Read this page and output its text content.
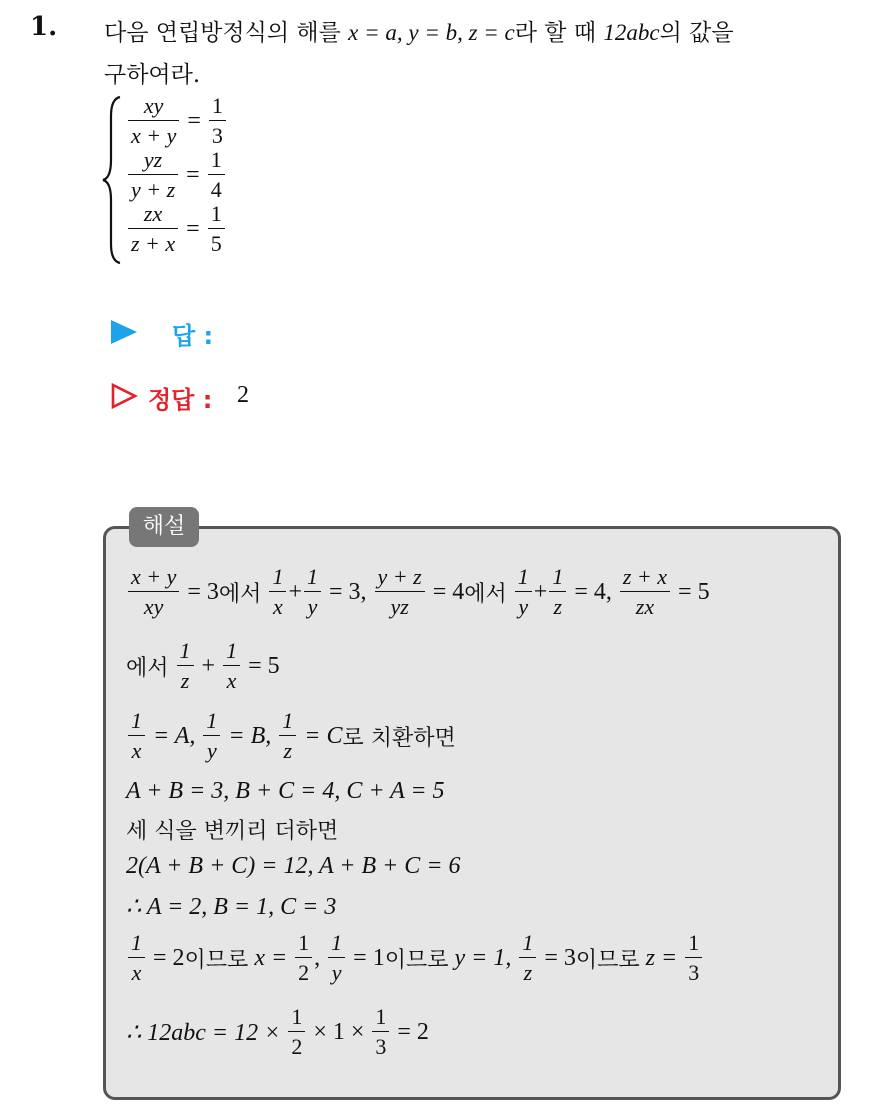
1. 다음 연립방정식의 해를 x = a, y = b, z = c라 할 때 12abc의 값을
구하여라.
$\frac{xy}{x + y} = \frac{1}{3}$
$\frac{yz}{y + z} = \frac{1}{4}$
$\frac{zx}{z + x} = \frac{1}{5}$
답 :
정답 : 2
해설
$\frac{x + y}{xy} = 3$ 에서 $\frac{1}{x} + \frac{1}{y} = 3$, $\frac{y + z}{yz} = 4$ 에서 $\frac{1}{y} + \frac{1}{z} = 4$, $\frac{z + x}{zx} = 5$
에서 $\frac{1}{z} + \frac{1}{x} = 5$
$\frac{1}{x} = A$, $\frac{1}{y} = B$, $\frac{1}{z} = C$ 로 치환하면
A + B = 3, B + C = 4, C + A = 5
세 식을 변끼리 더하면
2(A + B + C) = 12, A + B + C = 6
∴ A = 2, B = 1, C = 3
$\frac{1}{x} = 2$ 이므로 $x = \frac{1}{2}$ , $\frac{1}{y} = 1$ 이므로 y = 1, $\frac{1}{z} = 3$ 이므로 $z = \frac{1}{3}$
∴ $12abc = 12 \times \frac{1}{2} \times 1 \times \frac{1}{3} = 2$
